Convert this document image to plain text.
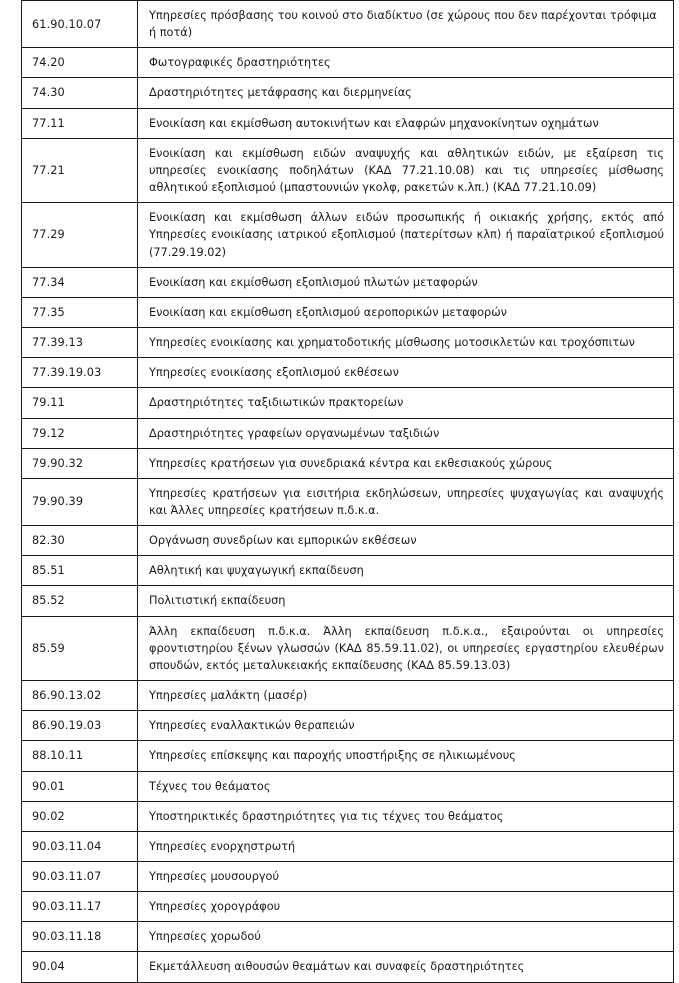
61.90.10.07	Υπηρεσίες πρόσβασης του κοινού στο διαδίκτυο (σε χώρους που δεν παρέχονται τρόφιμα ή ποτά)
74.20	Φωτογραφικές δραστηριότητες
74.30	Δραστηριότητες μετάφρασης και διερμηνείας
77.11	Ενοικίαση και εκμίσθωση αυτοκινήτων και ελαφρών μηχανοκίνητων οχημάτων
77.21	Ενοικίαση και εκμίσθωση ειδών αναψυχής και αθλητικών ειδών, με εξαίρεση τις υπηρεσίες ενοικίασης ποδηλάτων (ΚΑΔ 77.21.10.08) και τις υπηρεσίες μίσθωσης αθλητικού εξοπλισμού (μπαστουνιών γκολφ, ρακετών κ.λπ.) (ΚΑΔ 77.21.10.09)
77.29	Ενοικίαση και εκμίσθωση άλλων ειδών προσωπικής ή οικιακής χρήσης, εκτός από Υπηρεσίες ενοικίασης ιατρικού εξοπλισμού (πατερίτσων κλπ) ή παραϊατρικού εξοπλισμού (77.29.19.02)
77.34	Ενοικίαση και εκμίσθωση εξοπλισμού πλωτών μεταφορών
77.35	Ενοικίαση και εκμίσθωση εξοπλισμού αεροπορικών μεταφορών
77.39.13	Υπηρεσίες ενοικίασης και χρηματοδοτικής μίσθωσης μοτοσικλετών και τροχόσπιτων
77.39.19.03	Υπηρεσίες ενοικίασης εξοπλισμού εκθέσεων
79.11	Δραστηριότητες ταξιδιωτικών πρακτορείων
79.12	Δραστηριότητες γραφείων οργανωμένων ταξιδιών
79.90.32	Υπηρεσίες κρατήσεων για συνεδριακά κέντρα και εκθεσιακούς χώρους
79.90.39	Υπηρεσίες κρατήσεων για εισιτήρια εκδηλώσεων, υπηρεσίες ψυχαγωγίας και αναψυχής και Άλλες υπηρεσίες κρατήσεων π.δ.κ.α.
82.30	Οργάνωση συνεδρίων και εμπορικών εκθέσεων
85.51	Αθλητική και ψυχαγωγική εκπαίδευση
85.52	Πολιτιστική εκπαίδευση
85.59	Άλλη εκπαίδευση π.δ.κ.α. Άλλη εκπαίδευση π.δ.κ.α., εξαιρούνται οι υπηρεσίες φροντιστηρίου ξένων γλωσσών (ΚΑΔ 85.59.11.02), οι υπηρεσίες εργαστηρίου ελευθέρων σπουδών, εκτός μεταλυκειακής εκπαίδευσης (ΚΑΔ 85.59.13.03)
86.90.13.02	Υπηρεσίες μαλάκτη (μασέρ)
86.90.19.03	Υπηρεσίες εναλλακτικών θεραπειών
88.10.11	Υπηρεσίες επίσκεψης και παροχής υποστήριξης σε ηλικιωμένους
90.01	Τέχνες του θεάματος
90.02	Υποστηρικτικές δραστηριότητες για τις τέχνες του θεάματος
90.03.11.04	Υπηρεσίες ενορχηστρωτή
90.03.11.07	Υπηρεσίες μουσουργού
90.03.11.17	Υπηρεσίες χορογράφου
90.03.11.18	Υπηρεσίες χορωδού
90.04	Εκμετάλλευση αιθουσών θεαμάτων και συναφείς δραστηριότητες
